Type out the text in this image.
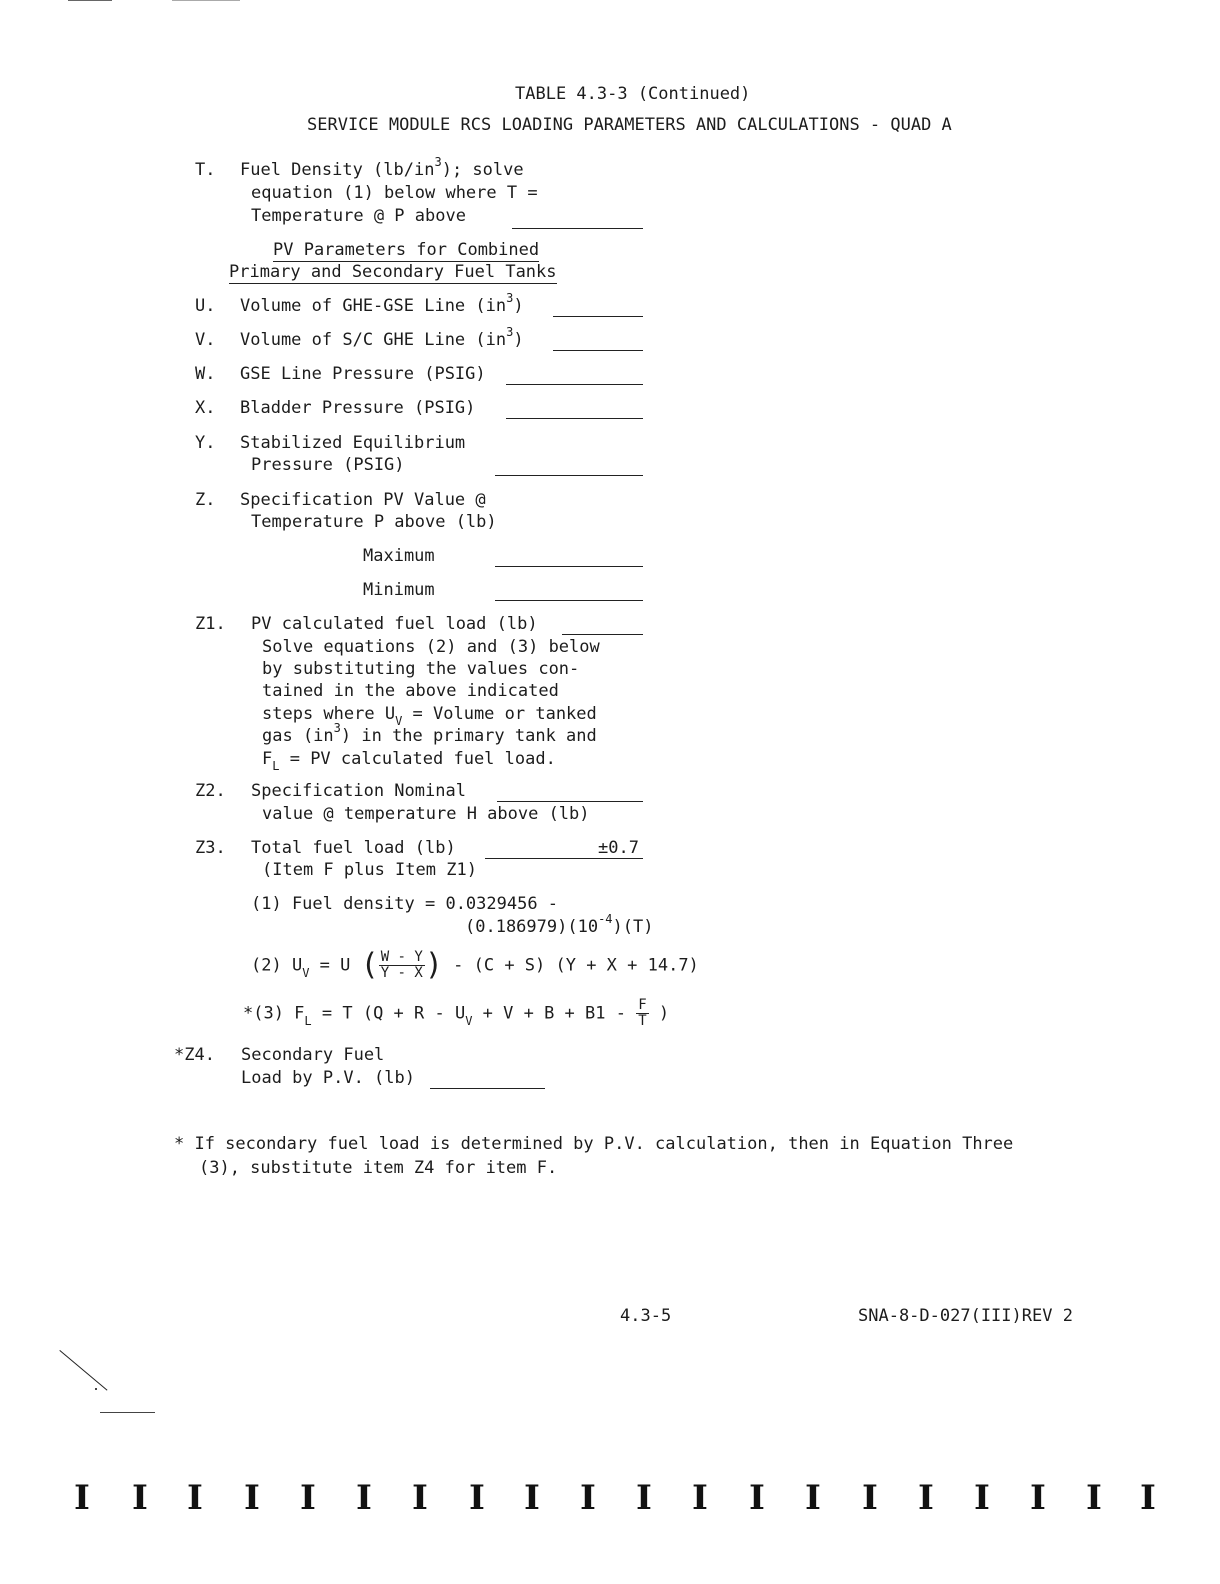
TABLE 4.3-3 (Continued)
SERVICE MODULE RCS LOADING PARAMETERS AND CALCULATIONS - QUAD A
T. Fuel Density $(lb/in^3)$; solve
equation (1) below where T =
Temperature @ P above
PV Parameters for Combined
Primary and Secondary Fuel Tanks
U. Volume of GHE-GSE Line $(in^3)$
V. Volume of S/C GHE Line $(in^3)$
W. GSE Line Pressure (PSIG)
X. Bladder Pressure (PSIG)
Y. Stabilized Equilibrium
Pressure (PSIG)
Z. Specification PV Value @
Temperature P above (lb)
Maximum
Minimum
Z1. PV calculated fuel load (lb)
Solve equations (2) and (3) below
by substituting the values con-
tained in the above indicated
steps where $U_V$ = Volume or tanked
gas $(in^3)$ in the primary tank and
$F_L$ = PV calculated fuel load.
Z2. Specification Nominal
value @ temperature H above (lb)
Z3. Total fuel load (lb)	±0.7
(Item F plus Item Z1)
(1) Fuel density = 0.0329456 -
$(0.186979)(10^{-4})(T)$
(2) $U_V = U$ ( $\frac{W - Y}{Y - X}$ ) - (C + S) (Y + X + 14.7)
*(3) $F_L = T$ ($Q + R - U_V + V + B + B1 - \frac{F}{T}$ )
*Z4. Secondary Fuel
Load by P.V. (lb)
* If secondary fuel load is determined by P.V. calculation, then in Equation Three
(3), substitute item Z4 for item F.
4.3-5	SNA-8-D-027(III)REV 2
I I I I I I I I I I I I I I I I I I I I
